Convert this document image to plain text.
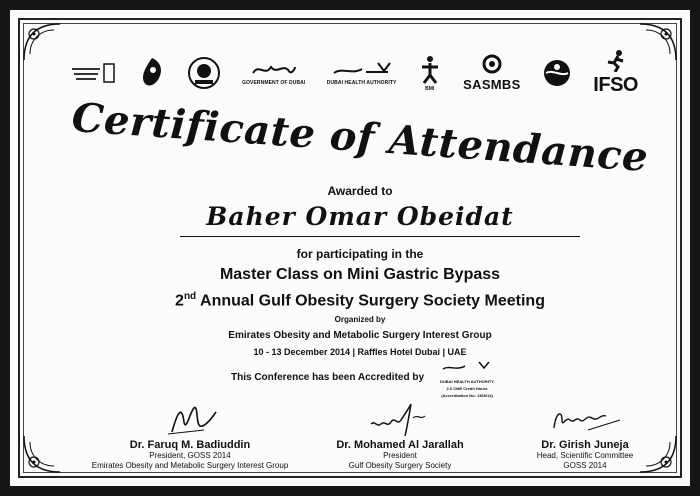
GOVERNMENT OF DUBAI	DUBAI HEALTH AUTHORITY
BMI SASMBS	IFSO
Certificate of Attendance
Awarded to
Baher Omar Obeidat
for participating in the
Master Class on Mini Gastric Bypass
2nd Annual Gulf Obesity Surgery Society Meeting
Organized by
Emirates Obesity and Metabolic Surgery Interest Group
10 - 13 December 2014 | Raffles Hotel Dubai | UAE
This Conference has been Accredited by	DUBAI HEALTH AUTHORITY
2.0 CME Credit Hours
(Accreditation No: 1368/14)
Dr. Faruq M. Badiuddin
President, GOSS 2014
Emirates Obesity and Metabolic Surgery Interest Group
Dr. Mohamed Al Jarallah
President
Gulf Obesity Surgery Society
Dr. Girish Juneja
Head, Scientific Committee
GOSS 2014
